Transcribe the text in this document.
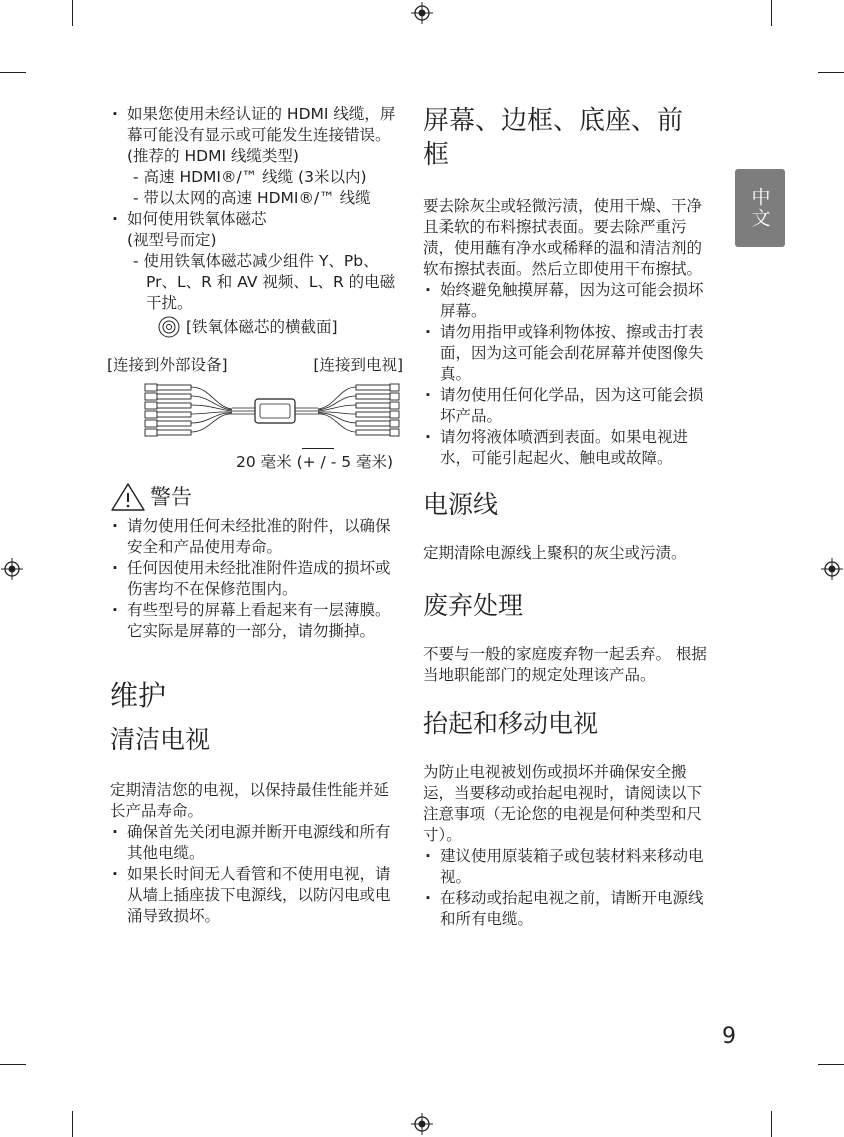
· 如果您使用未经认证的 HDMI 线缆，屏幕可能没有显示或可能发生连接错误。(推荐的 HDMI 线缆类型)
- 高速 HDMI®/™ 线缆 (3米以内)
- 带以太网的高速 HDMI®/™ 线缆
· 如何使用铁氧体磁芯
(视型号而定)
- 使用铁氧体磁芯减少组件 Y、Pb、Pr、L、R 和 AV 视频、L、R 的电磁干扰。
[铁氧体磁芯的横截面]
[连接到外部设备]	[连接到电视]
20 毫米 (+ / - 5 毫米)
警告
· 请勿使用任何未经批准的附件，以确保安全和产品使用寿命。
· 任何因使用未经批准附件造成的损坏或伤害均不在保修范围内。
· 有些型号的屏幕上看起来有一层薄膜。 它实际是屏幕的一部分，请勿撕掉。
维护
清洁电视

定期清洁您的电视，以保持最佳性能并延长产品寿命。

· 确保首先关闭电源并断开电源线和所有其他电缆。
· 如果长时间无人看管和不使用电视，请从墙上插座拔下电源线，以防闪电或电涌导致损坏。
屏幕、边框、底座、前框

要去除灰尘或轻微污渍，使用干燥、干净且柔软的布料擦拭表面。要去除严重污渍，使用蘸有净水或稀释的温和清洁剂的软布擦拭表面。然后立即使用干布擦拭。

· 始终避免触摸屏幕，因为这可能会损坏屏幕。
· 请勿用指甲或锋利物体按、擦或击打表面，因为这可能会刮花屏幕并使图像失真。
· 请勿使用任何化学品，因为这可能会损坏产品。
· 请勿将液体喷洒到表面。如果电视进水，可能引起起火、触电或故障。
电源线

定期清除电源线上聚积的灰尘或污渍。

废弃处理

不要与一般的家庭废弃物一起丢弃。 根据当地职能部门的规定处理该产品。

抬起和移动电视

为防止电视被划伤或损坏并确保安全搬运，当要移动或抬起电视时，请阅读以下注意事项（无论您的电视是何种类型和尺寸）。

· 建议使用原装箱子或包装材料来移动电视。
· 在移动或抬起电视之前，请断开电源线和所有电缆。
中文
9
